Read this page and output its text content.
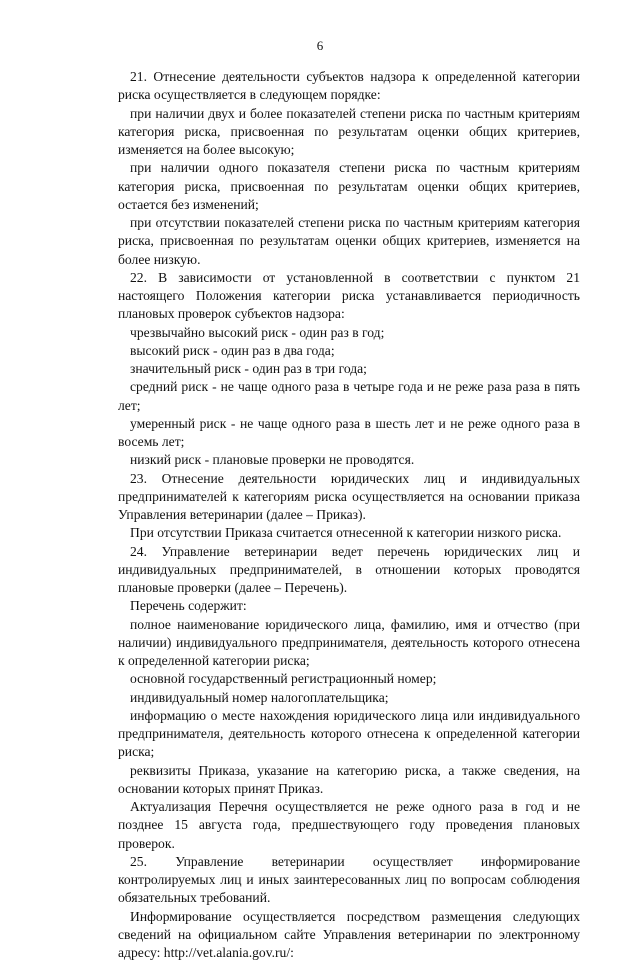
6

21. Отнесение деятельности субъектов надзора к определенной категории риска осуществляется в следующем порядке:

при наличии двух и более показателей степени риска по частным критериям категория риска, присвоенная по результатам оценки общих критериев, изменяется на более высокую;

при наличии одного показателя степени риска по частным критериям категория риска, присвоенная по результатам оценки общих критериев, остается без изменений;

при отсутствии показателей степени риска по частным критериям категория риска, присвоенная по результатам оценки общих критериев, изменяется на более низкую.

22. В зависимости от установленной в соответствии с пунктом 21 настоящего Положения категории риска устанавливается периодичность плановых проверок субъектов надзора:

чрезвычайно высокий риск - один раз в год;

высокий риск - один раз в два года;

значительный риск - один раз в три года;

средний риск - не чаще одного раза в четыре года и не реже раза раза в пять лет;

умеренный риск - не чаще одного раза в шесть лет и не реже одного раза в восемь лет;

низкий риск - плановые проверки не проводятся.

23. Отнесение деятельности юридических лиц и индивидуальных предпринимателей к категориям риска осуществляется на основании приказа Управления ветеринарии (далее – Приказ).

При отсутствии Приказа считается отнесенной к категории низкого риска.

24. Управление ветеринарии ведет перечень юридических лиц и индивидуальных предпринимателей, в отношении которых проводятся плановые проверки (далее – Перечень).

Перечень содержит:

полное наименование юридического лица, фамилию, имя и отчество (при наличии) индивидуального предпринимателя, деятельность которого отнесена к определенной категории риска;

основной государственный регистрационный номер;

индивидуальный номер налогоплательщика;

информацию о месте нахождения юридического лица или индивидуального предпринимателя, деятельность которого отнесена к определенной категории риска;

реквизиты Приказа, указание на категорию риска, а также сведения, на основании которых принят Приказ.

Актуализация Перечня осуществляется не реже одного раза в год и не позднее 15 августа года, предшествующего году проведения плановых проверок.

25. Управление ветеринарии осуществляет информирование контролируемых лиц и иных заинтересованных лиц по вопросам соблюдения обязательных требований.

Информирование осуществляется посредством размещения следующих сведений на официальном сайте Управления ветеринарии по электронному адресу: http://vet.alania.gov.ru/:
